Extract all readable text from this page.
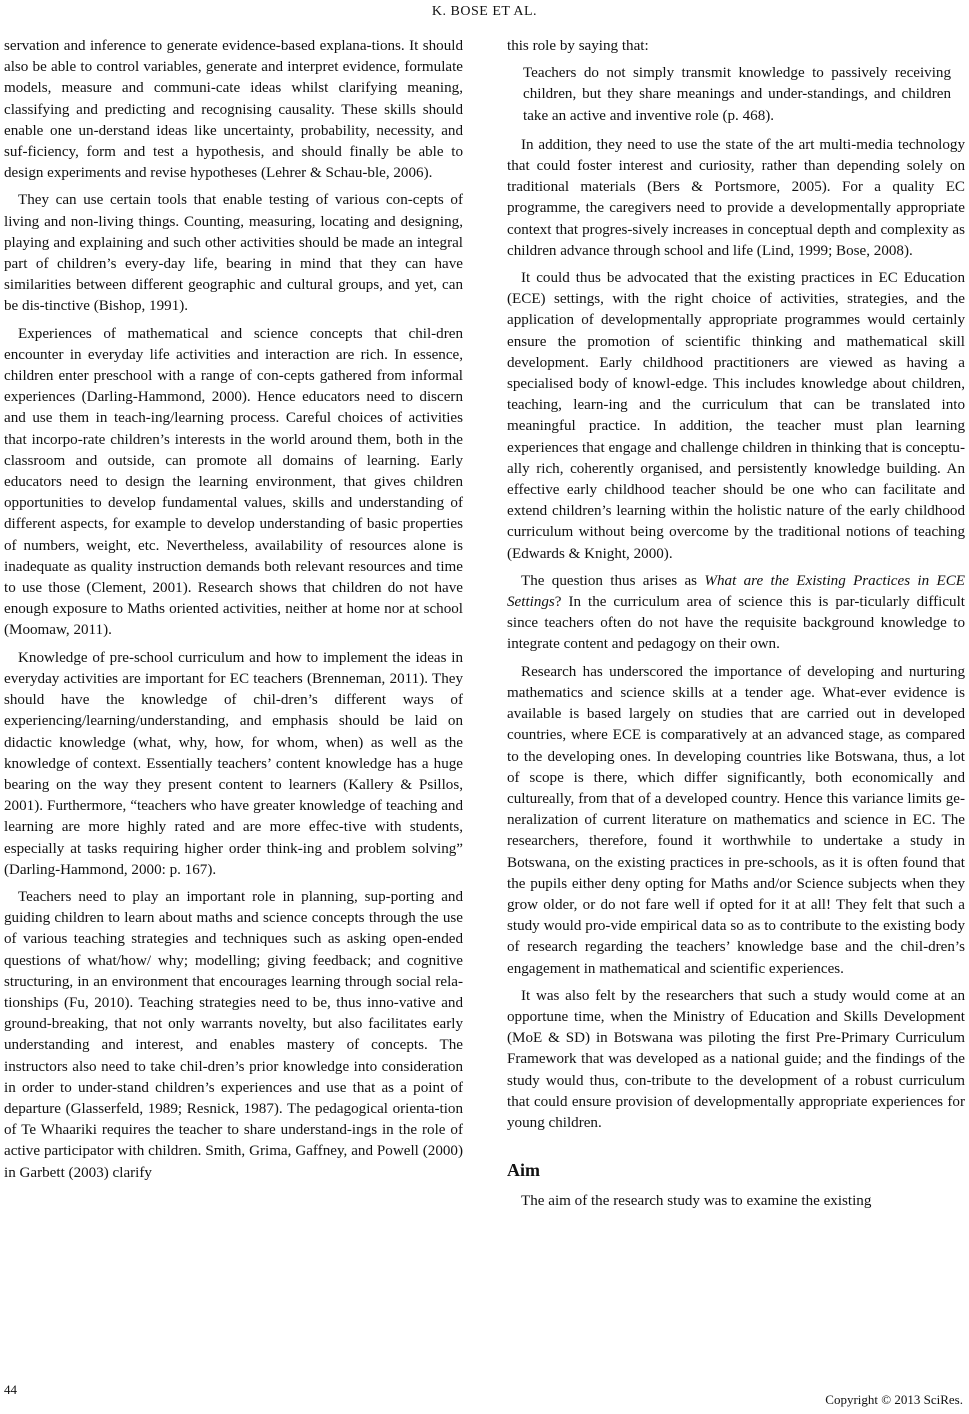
K. BOSE ET AL.

servation and inference to generate evidence-based explana-tions. It should also be able to control variables, generate and interpret evidence, formulate models, measure and communi-cate ideas whilst clarifying meaning, classifying and predicting and recognising causality. These skills should enable one un-derstand ideas like uncertainty, probability, necessity, and suf-ficiency, form and test a hypothesis, and should finally be able to design experiments and revise hypotheses (Lehrer & Schau-ble, 2006).

They can use certain tools that enable testing of various con-cepts of living and non-living things. Counting, measuring, locating and designing, playing and explaining and such other activities should be made an integral part of children’s every-day life, bearing in mind that they can have similarities between different geographic and cultural groups, and yet, can be dis-tinctive (Bishop, 1991).

Experiences of mathematical and science concepts that chil-dren encounter in everyday life activities and interaction are rich. In essence, children enter preschool with a range of con-cepts gathered from informal experiences (Darling-Hammond, 2000). Hence educators need to discern and use them in teach-ing/learning process. Careful choices of activities that incorpo-rate children’s interests in the world around them, both in the classroom and outside, can promote all domains of learning. Early educators need to design the learning environment, that gives children opportunities to develop fundamental values, skills and understanding of different aspects, for example to develop understanding of basic properties of numbers, weight, etc. Nevertheless, availability of resources alone is inadequate as quality instruction demands both relevant resources and time to use those (Clement, 2001). Research shows that children do not have enough exposure to Maths oriented activities, neither at home nor at school (Moomaw, 2011).

Knowledge of pre-school curriculum and how to implement the ideas in everyday activities are important for EC teachers (Brenneman, 2011). They should have the knowledge of chil-dren’s different ways of experiencing/learning/understanding, and emphasis should be laid on didactic knowledge (what, why, how, for whom, when) as well as the knowledge of context. Essentially teachers’ content knowledge has a huge bearing on the way they present content to learners (Kallery & Psillos, 2001). Furthermore, “teachers who have greater knowledge of teaching and learning are more highly rated and are more effec-tive with students, especially at tasks requiring higher order think-ing and problem solving” (Darling-Hammond, 2000: p. 167).

Teachers need to play an important role in planning, sup-porting and guiding children to learn about maths and science concepts through the use of various teaching strategies and techniques such as asking open-ended questions of what/how/ why; modelling; giving feedback; and cognitive structuring, in an environment that encourages learning through social rela-tionships (Fu, 2010). Teaching strategies need to be, thus inno-vative and ground-breaking, that not only warrants novelty, but also facilitates early understanding and interest, and enables mastery of concepts. The instructors also need to take chil-dren’s prior knowledge into consideration in order to under-stand children’s experiences and use that as a point of departure (Glasserfeld, 1989; Resnick, 1987). The pedagogical orienta-tion of Te Whaariki requires the teacher to share understand-ings in the role of active participator with children. Smith, Grima, Gaffney, and Powell (2000) in Garbett (2003) clarify

this role by saying that:

Teachers do not simply transmit knowledge to passively receiving children, but they share meanings and under-standings, and children take an active and inventive role (p. 468).

In addition, they need to use the state of the art multi-media technology that could foster interest and curiosity, rather than depending solely on traditional materials (Bers & Portsmore, 2005). For a quality EC programme, the caregivers need to provide a developmentally appropriate context that progres-sively increases in conceptual depth and complexity as children advance through school and life (Lind, 1999; Bose, 2008).

It could thus be advocated that the existing practices in EC Education (ECE) settings, with the right choice of activities, strategies, and the application of developmentally appropriate programmes would certainly ensure the promotion of scientific thinking and mathematical skill development. Early childhood practitioners are viewed as having a specialised body of knowl-edge. This includes knowledge about children, teaching, learn-ing and the curriculum that can be translated into meaningful practice. In addition, the teacher must plan learning experiences that engage and challenge children in thinking that is conceptu-ally rich, coherently organised, and persistently knowledge building. An effective early childhood teacher should be one who can facilitate and extend children’s learning within the holistic nature of the early childhood curriculum without being overcome by the traditional notions of teaching (Edwards & Knight, 2000).

The question thus arises as What are the Existing Practices in ECE Settings? In the curriculum area of science this is par-ticularly difficult since teachers often do not have the requisite background knowledge to integrate content and pedagogy on their own.

Research has underscored the importance of developing and nurturing mathematics and science skills at a tender age. What-ever evidence is available is based largely on studies that are carried out in developed countries, where ECE is comparatively at an advanced stage, as compared to the developing ones. In developing countries like Botswana, thus, a lot of scope is there, which differ significantly, both economically and cultureally, from that of a developed country. Hence this variance limits ge-neralization of current literature on mathematics and science in EC. The researchers, therefore, found it worthwhile to undertake a study in Botswana, on the existing practices in pre-schools, as it is often found that the pupils either deny opting for Maths and/or Science subjects when they grow older, or do not fare well if opted for it at all! They felt that such a study would pro-vide empirical data so as to contribute to the existing body of research regarding the teachers’ knowledge base and the chil-dren’s engagement in mathematical and scientific experiences.

It was also felt by the researchers that such a study would come at an opportune time, when the Ministry of Education and Skills Development (MoE & SD) in Botswana was piloting the first Pre-Primary Curriculum Framework that was developed as a national guide; and the findings of the study would thus, con-tribute to the development of a robust curriculum that could ensure provision of developmentally appropriate experiences for young children.

Aim

The aim of the research study was to examine the existing

44
Copyright © 2013 SciRes.
